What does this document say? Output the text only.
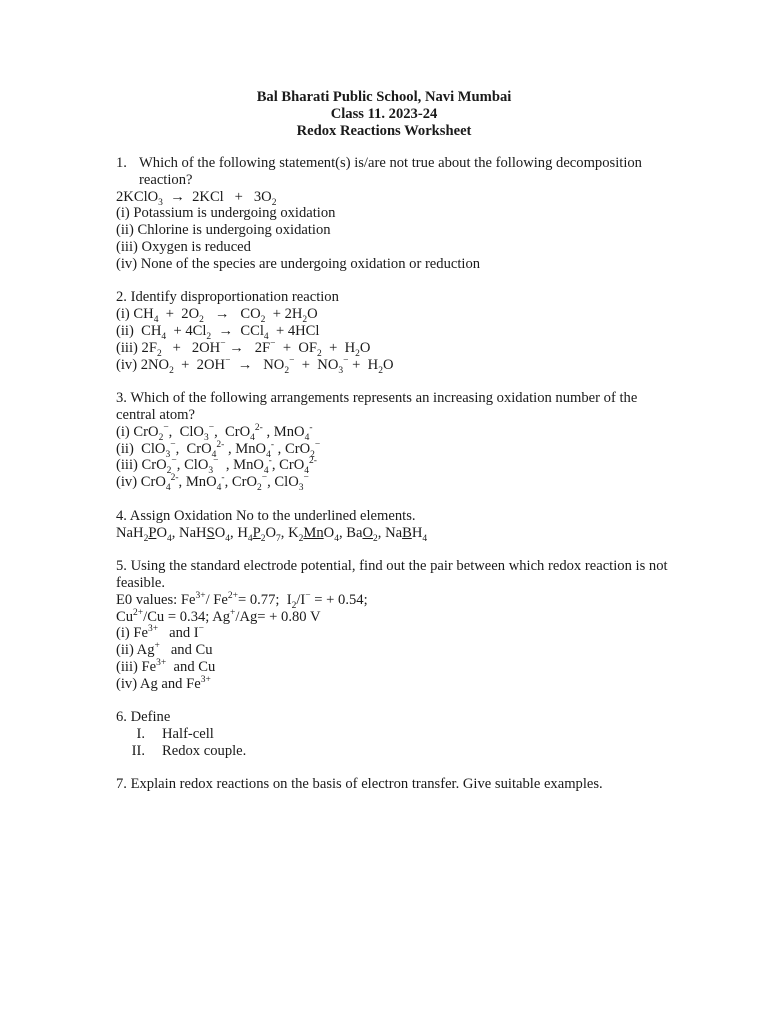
Bal Bharati Public School, Navi Mumbai
Class 11. 2023-24
Redox Reactions Worksheet
1. Which of the following statement(s) is/are not true about the following decomposition reaction?
2KClO$_3$  →  $2KCl + 3O_2$
(i) Potassium is undergoing oxidation
(ii) Chlorine is undergoing oxidation
(iii) Oxygen is reduced
(iv) None of the species are undergoing oxidation or reduction
2. Identify disproportionation reaction
(i) $CH_4 + 2O_2 \to CO_2 + 2H_2O$
(ii)  $CH_4 + 4Cl_2 \to CCl_4 + 4HCl$
(iii) $2F_2 + 2OH^- \to 2F^- + OF_2 + H_2O$
(iv) $2NO_2 + 2OH^- \to NO_2^- + NO_3^- + H_2O$
3. Which of the following arrangements represents an increasing oxidation number of the central atom?
(i) CrO$_2$−,  ClO$_3$−,  CrO$_4^{2-}$ , MnO$_4$-
(ii)  ClO$_3$−,  CrO$_4^{2-}$ , MnO$_4$- , CrO$_2$−
(iii) CrO$_2$−, ClO$_3$−  , MnO$_4$-, CrO$_4^{2-}$
(iv) CrO$_4^{2-}$, MnO$_4$-, CrO$_2$−, ClO$_3$−
4. Assign Oxidation No to the underlined elements.
$NaH_2PO_4$, NaHSO$_4$, $H_4P_2O_7$, $K_2MnO_4$, BaO$_2$, NaBH$_4$
5. Using the standard electrode potential, find out the pair between which redox reaction is not feasible.
E0 values: $Fe^{3+}/$ $Fe^{2+}= 0.77$;  $I_2/I^-$ = + 0.54;
$Cu^{2+}/Cu = 0.34$; Ag+/Ag= + 0.80 V
(i) $Fe^{3+}$   and I−
(ii) Ag+   and Cu
(iii) $Fe^{3+}$  and Cu
(iv) Ag and $Fe^{3+}$
6. Define
I.	Half-cell
II.	Redox couple.
7. Explain redox reactions on the basis of electron transfer. Give suitable examples.
